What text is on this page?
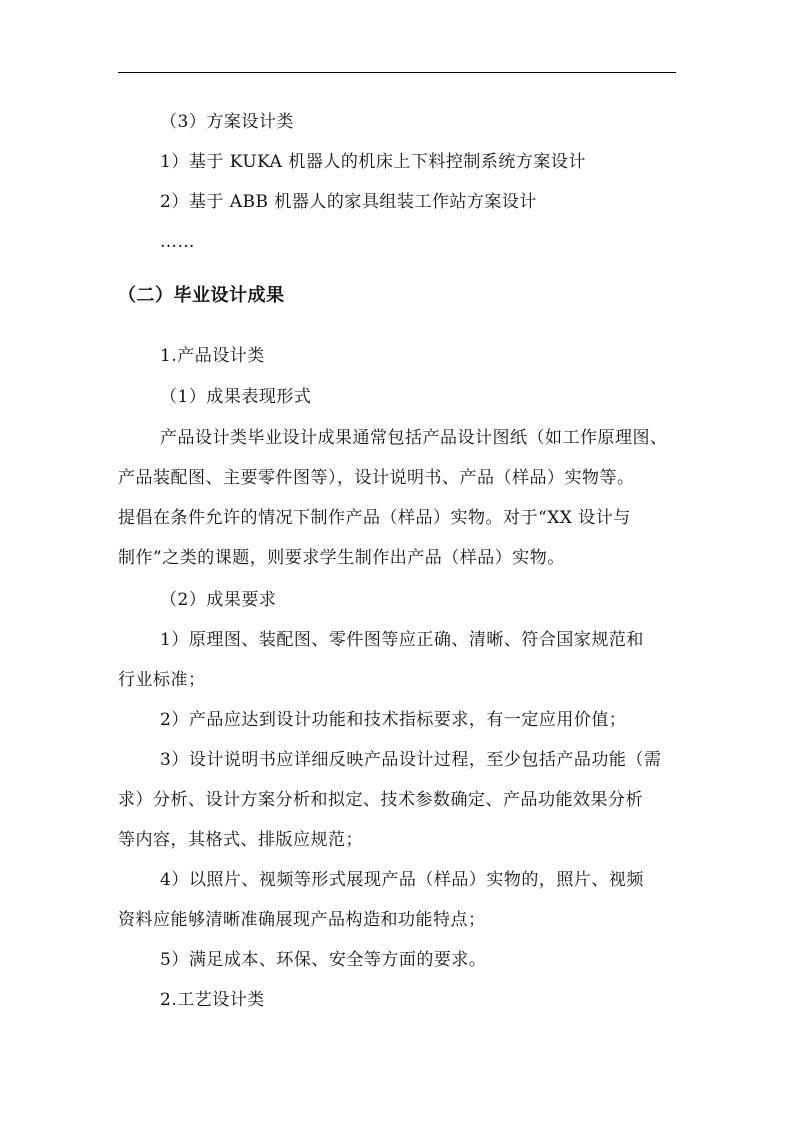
（3）方案设计类
1）基于 KUKA 机器人的机床上下料控制系统方案设计
2）基于 ABB 机器人的家具组装工作站方案设计
……
（二）毕业设计成果
1.产品设计类
（1）成果表现形式
产品设计类毕业设计成果通常包括产品设计图纸（如工作原理图、
产品装配图、主要零件图等），设计说明书、产品（样品）实物等。
提倡在条件允许的情况下制作产品（样品）实物。对于“XX 设计与
制作”之类的课题，则要求学生制作出产品（样品）实物。
（2）成果要求
1）原理图、装配图、零件图等应正确、清晰、符合国家规范和
行业标准；
2）产品应达到设计功能和技术指标要求，有一定应用价值；
3）设计说明书应详细反映产品设计过程，至少包括产品功能（需
求）分析、设计方案分析和拟定、技术参数确定、产品功能效果分析
等内容，其格式、排版应规范；
4）以照片、视频等形式展现产品（样品）实物的，照片、视频
资料应能够清晰准确展现产品构造和功能特点；
5）满足成本、环保、安全等方面的要求。
2.工艺设计类
